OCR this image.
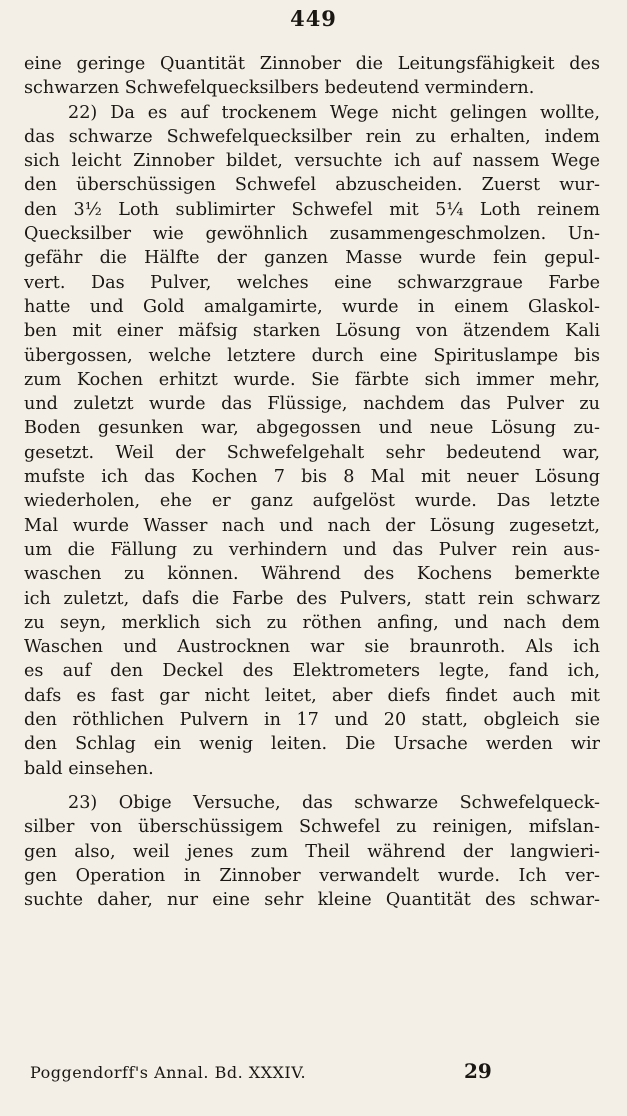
449
eine geringe Quantität Zinnober die Leitungsfähigkeit des
schwarzen Schwefelquecksilbers bedeutend vermindern.
22) Da es auf trockenem Wege nicht gelingen wollte,
das schwarze Schwefelquecksilber rein zu erhalten, indem
sich leicht Zinnober bildet, versuchte ich auf nassem Wege
den überschüssigen Schwefel abzuscheiden. Zuerst wur-
den 3½ Loth sublimirter Schwefel mit 5¼ Loth reinem
Quecksilber wie gewöhnlich zusammengeschmolzen. Un-
gefähr die Hälfte der ganzen Masse wurde fein gepul-
vert. Das Pulver, welches eine schwarzgraue Farbe
hatte und Gold amalgamirte, wurde in einem Glaskol-
ben mit einer mäfsig starken Lösung von ätzendem Kali
übergossen, welche letztere durch eine Spirituslampe bis
zum Kochen erhitzt wurde. Sie färbte sich immer mehr,
und zuletzt wurde das Flüssige, nachdem das Pulver zu
Boden gesunken war, abgegossen und neue Lösung zu-
gesetzt. Weil der Schwefelgehalt sehr bedeutend war,
mufste ich das Kochen 7 bis 8 Mal mit neuer Lösung
wiederholen, ehe er ganz aufgelöst wurde. Das letzte
Mal wurde Wasser nach und nach der Lösung zugesetzt,
um die Fällung zu verhindern und das Pulver rein aus-
waschen zu können. Während des Kochens bemerkte
ich zuletzt, dafs die Farbe des Pulvers, statt rein schwarz
zu seyn, merklich sich zu röthen anfing, und nach dem
Waschen und Austrocknen war sie braunroth. Als ich
es auf den Deckel des Elektrometers legte, fand ich,
dafs es fast gar nicht leitet, aber diefs findet auch mit
den röthlichen Pulvern in 17 und 20 statt, obgleich sie
den Schlag ein wenig leiten. Die Ursache werden wir
bald einsehen.
23) Obige Versuche, das schwarze Schwefelqueck-
silber von überschüssigem Schwefel zu reinigen, mifslan-
gen also, weil jenes zum Theil während der langwieri-
gen Operation in Zinnober verwandelt wurde. Ich ver-
suchte daher, nur eine sehr kleine Quantität des schwar-
Poggendorff's Annal. Bd. XXXIV.	29
